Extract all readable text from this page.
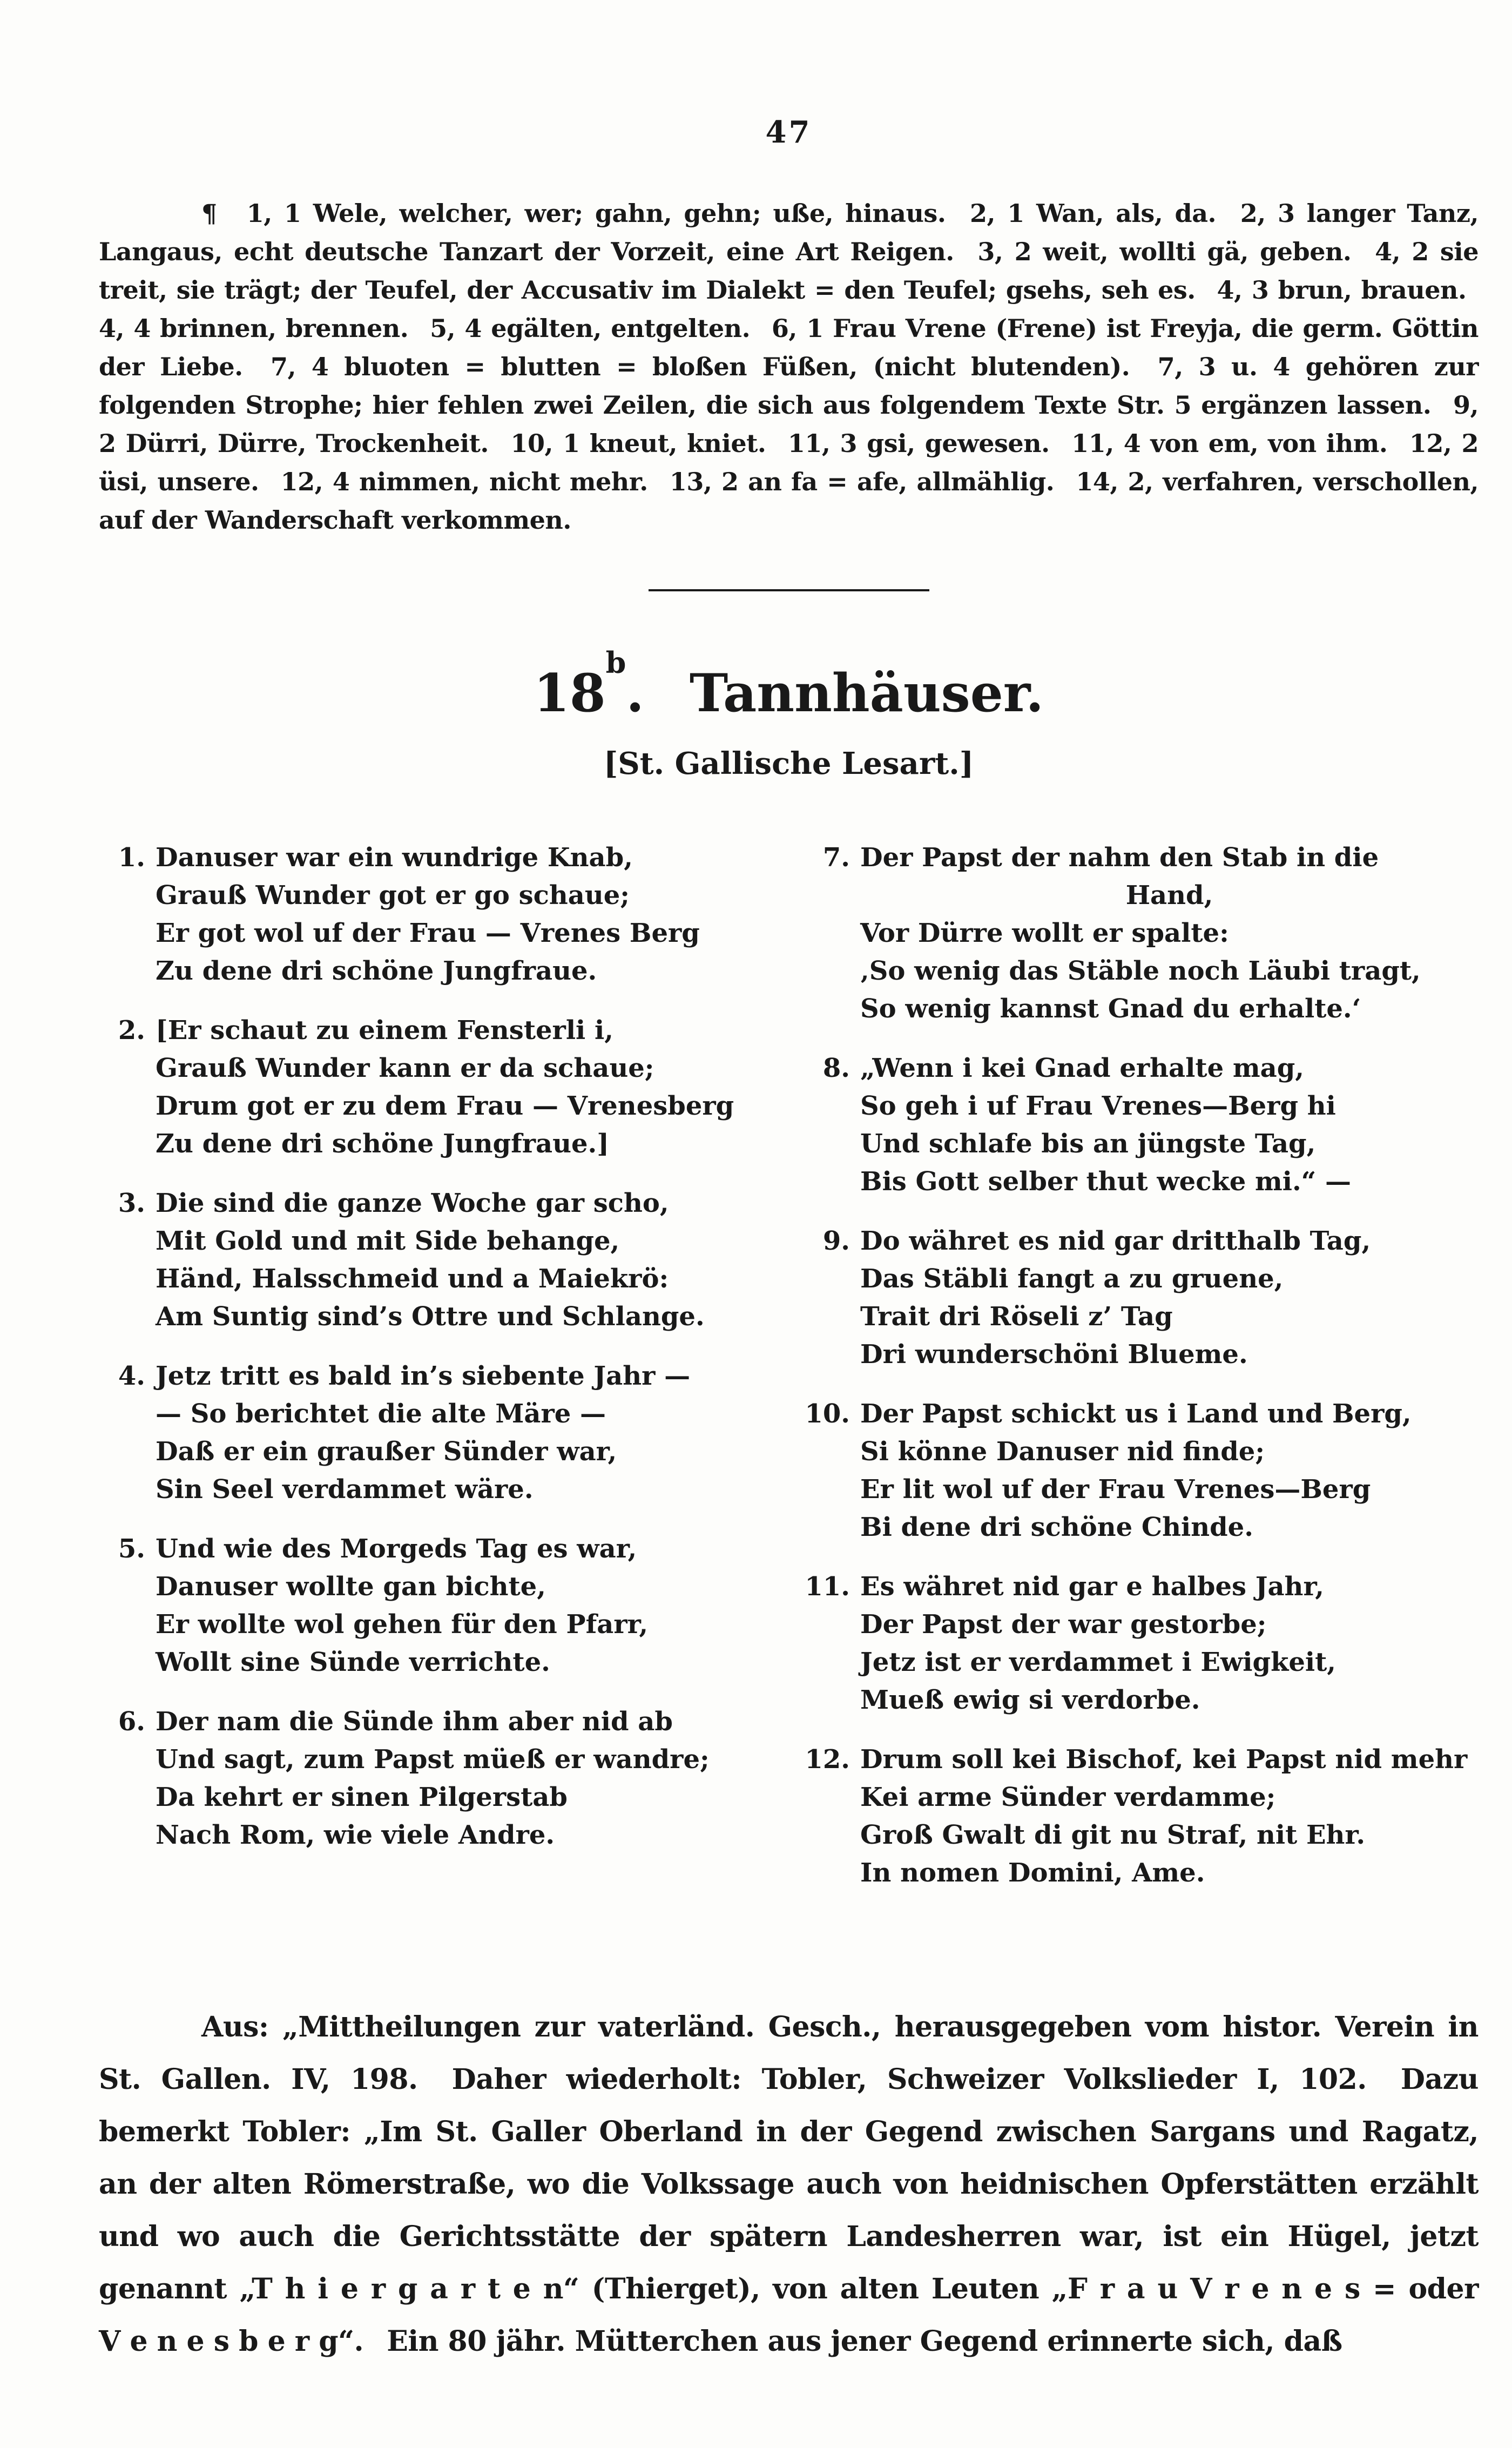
47

¶ 1, 1 Wele, welcher, wer; gahn, gehn; uße, hinaus.  2, 1 Wan, als, da.  2, 3 langer Tanz, Langaus, echt deutsche Tanzart der Vorzeit, eine Art Reigen.  3, 2 weit, wollti gä, geben.  4, 2 sie treit, sie trägt; der Teufel, der Accusativ im Dialekt = den Teufel; gsehs, seh es.  4, 3 brun, brauen.  4, 4 brinnen, brennen.  5, 4 egälten, entgelten.  6, 1 Frau Vrene (Frene) ist Freyja, die germ. Göttin der Liebe.  7, 4 bluoten = blutten = bloßen Füßen, (nicht blutenden).  7, 3 u. 4 gehören zur folgenden Strophe; hier fehlen zwei Zeilen, die sich aus folgendem Texte Str. 5 ergänzen lassen.  9, 2 Dürri, Dürre, Trockenheit.  10, 1 kneut, kniet.  11, 3 gsi, gewesen.  11, 4 von em, von ihm.  12, 2 üsi, unsere.  12, 4 nimmen, nicht mehr.  13, 2 an fa = afe, allmählig.  14, 2, verfahren, verschollen, auf der Wanderschaft verkommen.

18$^b$. Tannhäuser.
[St. Gallische Lesart.]
1. Danuser war ein wundrige Knab,
Grauß Wunder got er go schaue;
Er got wol uf der Frau — Vrenes Berg
Zu dene dri schöne Jungfraue.
2. [Er schaut zu einem Fensterli i,
Grauß Wunder kann er da schaue;
Drum got er zu dem Frau — Vrenesberg
Zu dene dri schöne Jungfraue.]
3. Die sind die ganze Woche gar scho,
Mit Gold und mit Side behange,
Händ, Halsschmeid und a Maiekrö:
Am Suntig sind’s Ottre und Schlange.
4. Jetz tritt es bald in’s siebente Jahr —
— So berichtet die alte Märe —
Daß er ein graußer Sünder war,
Sin Seel verdammet wäre.
5. Und wie des Morgeds Tag es war,
Danuser wollte gan bichte,
Er wollte wol gehen für den Pfarr,
Wollt sine Sünde verrichte.
6. Der nam die Sünde ihm aber nid ab
Und sagt, zum Papst müeß er wandre;
Da kehrt er sinen Pilgerstab
Nach Rom, wie viele Andre.
7. Der Papst der nahm den Stab in die
Hand,
Vor Dürre wollt er spalte:
‚So wenig das Stäble noch Läubi tragt,
So wenig kannst Gnad du erhalte.‘
8. „Wenn i kei Gnad erhalte mag,
So geh i uf Frau Vrenes—Berg hi
Und schlafe bis an jüngste Tag,
Bis Gott selber thut wecke mi.“ —
9. Do währet es nid gar dritthalb Tag,
Das Stäbli fangt a zu gruene,
Trait dri Röseli z’ Tag
Dri wunderschöni Blueme.
10. Der Papst schickt us i Land und Berg,
Si könne Danuser nid finde;
Er lit wol uf der Frau Vrenes—Berg
Bi dene dri schöne Chinde.
11. Es währet nid gar e halbes Jahr,
Der Papst der war gestorbe;
Jetz ist er verdammet i Ewigkeit,
Mueß ewig si verdorbe.
12. Drum soll kei Bischof, kei Papst nid mehr
Kei arme Sünder verdamme;
Groß Gwalt di git nu Straf, nit Ehr.
In nomen Domini, Ame.

Aus: „Mittheilungen zur vaterländ. Gesch., herausgegeben vom histor. Verein in St. Gallen. IV, 198.  Daher wiederholt: Tobler, Schweizer Volkslieder I, 102.  Dazu bemerkt Tobler: „Im St. Galler Oberland in der Gegend zwischen Sargans und Ragatz, an der alten Römerstraße, wo die Volkssage auch von heidnischen Opferstätten erzählt und wo auch die Gerichtsstätte der spätern Landesherren war, ist ein Hügel, jetzt genannt „T h i e r g a r t e n“ (Thierget), von alten Leuten „F r a u V r e n e s = oder V e n e s b e r g“.  Ein 80 jähr. Mütterchen aus jener Gegend erinnerte sich, daß
